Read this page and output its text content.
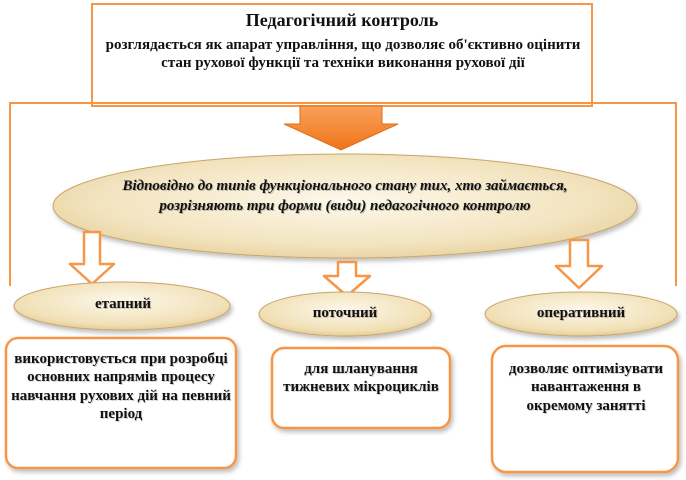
Педагогічний контроль
розглядається як апарат управління, що дозволяє об'єктивно оцінити стан рухової функції та техніки виконання рухової дії
Відповідно до типів функціонального стану тих, хто займається, розрізняють три форми (види) педагогічного контролю
етапний
поточний	оперативний
використовується при розробці основних напрямів процесу навчання рухових дій на певний період
для шланування тижневих мікроциклів
дозволяє оптимізувати навантаження в окремому занятті
